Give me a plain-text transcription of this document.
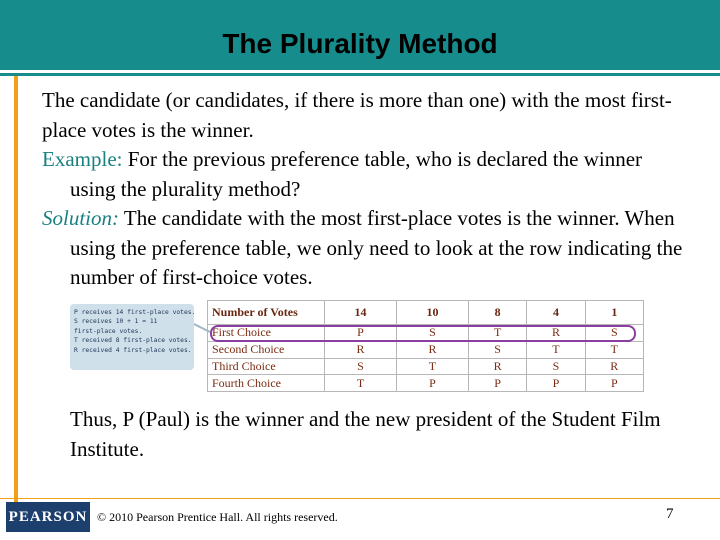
The Plurality Method

The candidate (or candidates, if there is more than one) with the most first-place votes is the winner.

Example: For the previous preference table, who is declared the winner using the plurality method?

Solution: The candidate with the most first-place votes is the winner. When using the preference table, we only need to look at the row indicating the number of first-choice votes.

P receives 14 first-place votes.
S receives 10 + 1 = 11
first-place votes.
T received 8 first-place votes.
R received 4 first-place votes.
Number of Votes	14	10	8	4	1
First Choice	P	S	T	R	S
Second Choice	R	R	S	T	T
Third Choice	S	T	R	S	R
Fourth Choice	T	P	P	P	P
Thus, P (Paul) is the winner and the new president of the Student Film Institute.
PEARSON © 2010 Pearson Prentice Hall. All rights reserved.	7
